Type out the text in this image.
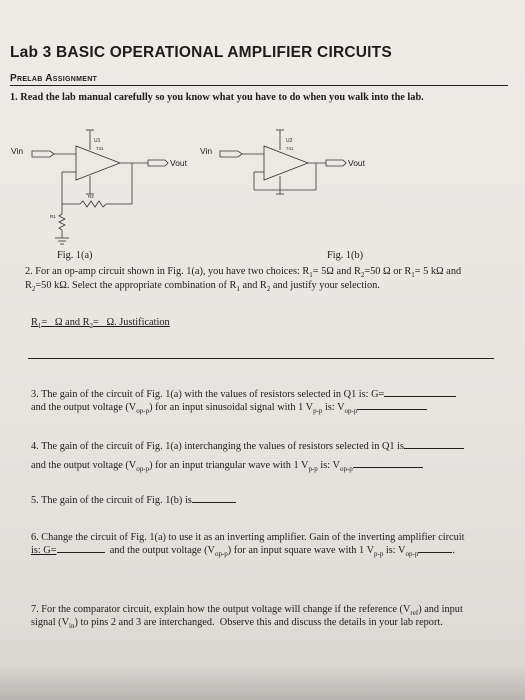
Lab 3 BASIC OPERATIONAL AMPLIFIER CIRCUITS
Prelab Assignment
1. Read the lab manual carefully so you know what you have to do when you walk into the lab.
Vin
Vout
U1
741
R2
R1
Vin
Vout
U2
741
Fig. 1(a)	Fig. 1(b)
2. For an op-amp circuit shown in Fig. 1(a), you have two choices: $R_1= 5\Omega$ and $R_2=50$ Ω or $R_1= 5$ kΩ and
$R_2=50$ kΩ. Select the appropriate combination of $R_1$ and $R_2$ and justify your selection.
$R_1= \Omega$ and $R_2= \Omega$. Justification
3. The gain of the circuit of Fig. 1(a) with the values of resistors selected in Q1 is: G=
and the output voltage $(V_{op-p})$ for an input sinusoidal signal with 1 $V_{p-p}$ is: $V_{op-p}$
4. The gain of the circuit of Fig. 1(a) interchanging the values of resistors selected in Q1 is
and the output voltage $(V_{op-p})$ for an input triangular wave with 1 $V_{p-p}$ is: $V_{op-p}$
5. The gain of the circuit of Fig. 1(b) is
6. Change the circuit of Fig. 1(a) to use it as an inverting amplifier. Gain of the inverting amplifier circuit
is: G=	and the output voltage $(V_{op-p})$ for an input square wave with 1 $V_{p-p}$ is: $V_{op-p}$	.
7. For the comparator circuit, explain how the output voltage will change if the reference $(V_{ref})$ and input
signal $(V_{in})$ to pins 2 and 3 are interchanged.  Observe this and discuss the details in your lab report.
